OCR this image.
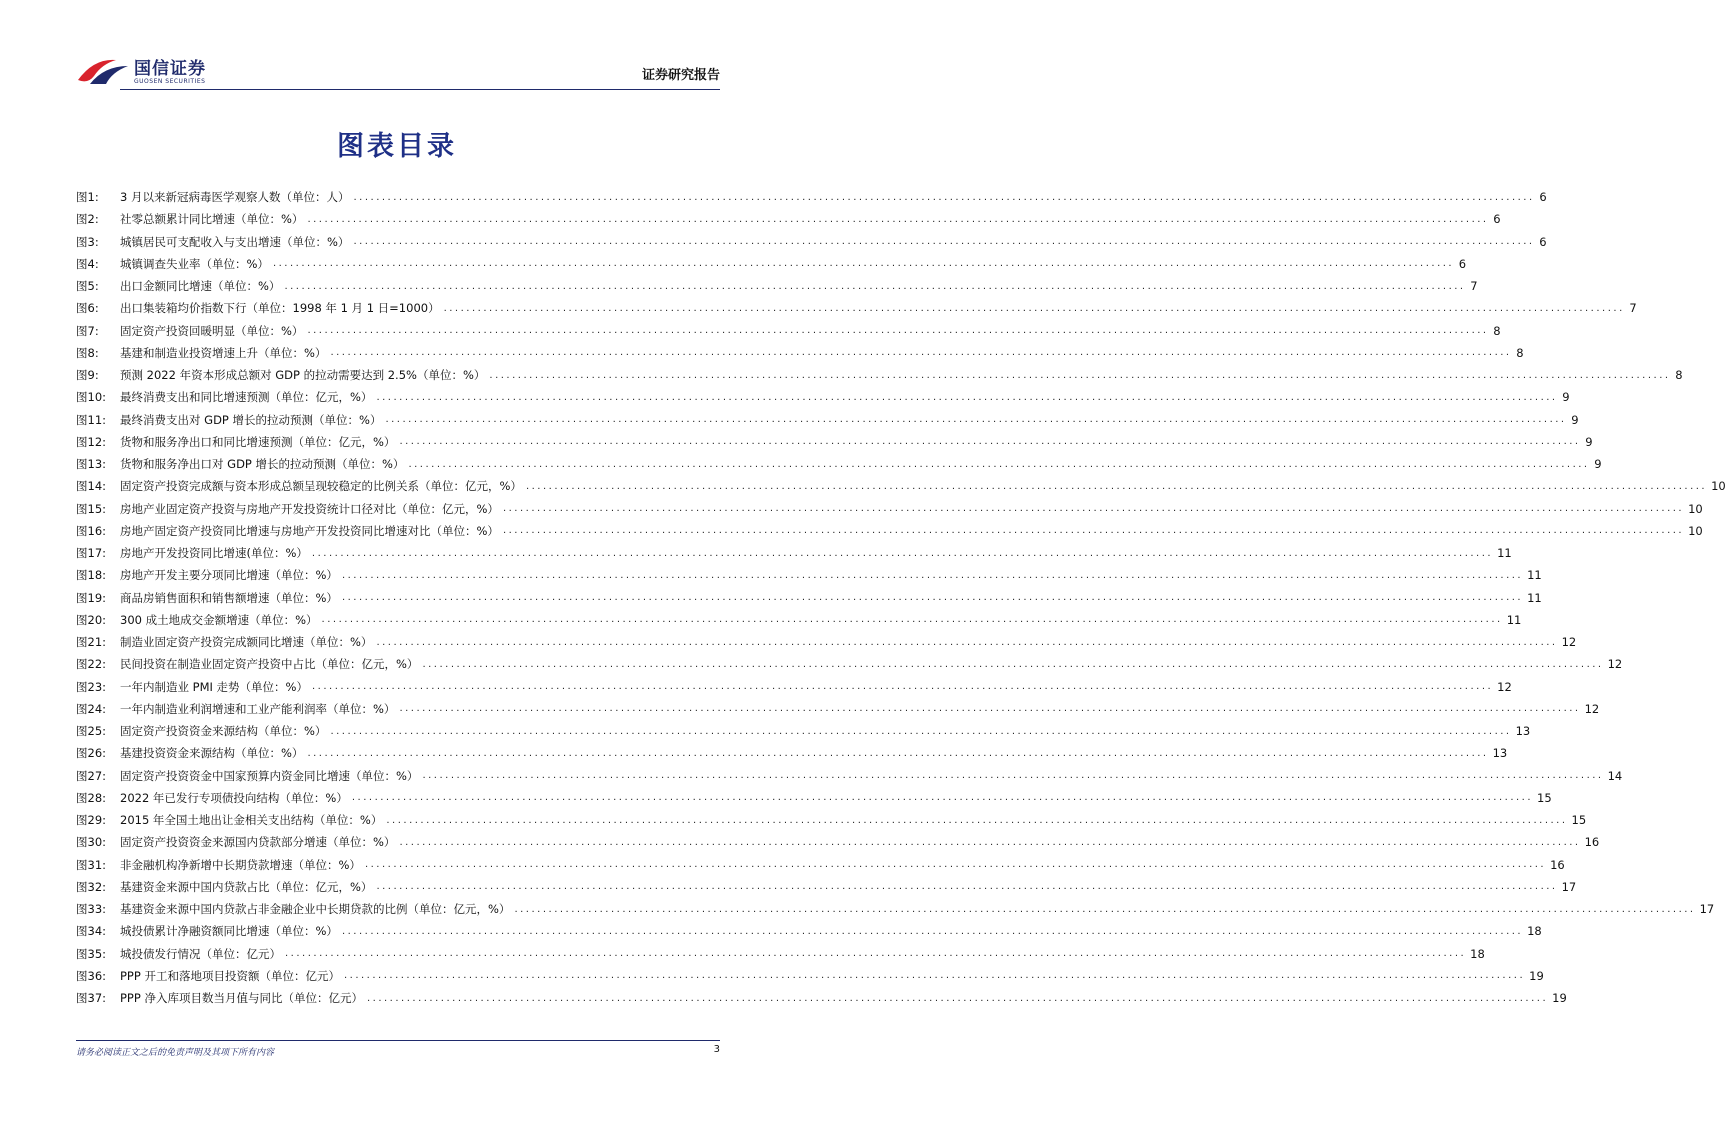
国信证券
GUOSEN SECURITIES	证券研究报告
图表目录
图1:	3 月以来新冠病毒医学观察人数（单位：人） .....	6
图2:	社零总额累计同比增速（单位：%） .....	6
图3:	城镇居民可支配收入与支出增速（单位：%） .....	6
图4:	城镇调查失业率（单位：%） .....	6
图5:	出口金额同比增速（单位：%） .....	7
图6:	出口集装箱均价指数下行（单位：1998 年 1 月 1 日=1000） .....	7
图7:	固定资产投资回暖明显（单位：%） .....	8
图8:	基建和制造业投资增速上升（单位：%） .....	8
图9:	预测 2022 年资本形成总额对 GDP 的拉动需要达到 2.5%（单位：%） .....	8
图10:	最终消费支出和同比增速预测（单位：亿元，%） .....	9
图11:	最终消费支出对 GDP 增长的拉动预测（单位：%） .....	9
图12:	货物和服务净出口和同比增速预测（单位：亿元，%） .....	9
图13:	货物和服务净出口对 GDP 增长的拉动预测（单位：%） .....	9
图14:	固定资产投资完成额与资本形成总额呈现较稳定的比例关系（单位：亿元，%） .....	10
图15:	房地产业固定资产投资与房地产开发投资统计口径对比（单位：亿元，%） .....	10
图16:	房地产固定资产投资同比增速与房地产开发投资同比增速对比（单位：%） .....	10
图17:	房地产开发投资同比增速(单位：%） .....	11
图18:	房地产开发主要分项同比增速（单位：%） .....	11
图19:	商品房销售面积和销售额增速（单位：%） .....	11
图20:	300 成土地成交金额增速（单位：%） .....	11
图21:	制造业固定资产投资完成额同比增速（单位：%） .....	12
图22:	民间投资在制造业固定资产投资中占比（单位：亿元，%） .....	12
图23:	一年内制造业 PMI 走势（单位：%） .....	12
图24:	一年内制造业利润增速和工业产能利润率（单位：%） .....	12
图25:	固定资产投资资金来源结构（单位：%） .....	13
图26:	基建投资资金来源结构（单位：%） .....	13
图27:	固定资产投资资金中国家预算内资金同比增速（单位：%） .....	14
图28:	2022 年已发行专项债投向结构（单位：%） .....	15
图29:	2015 年全国土地出让金相关支出结构（单位：%） .....	15
图30:	固定资产投资资金来源国内贷款部分增速（单位：%） .....	16
图31:	非金融机构净新增中长期贷款增速（单位：%） .....	16
图32:	基建资金来源中国内贷款占比（单位：亿元，%） .....	17
图33:	基建资金来源中国内贷款占非金融企业中长期贷款的比例（单位：亿元，%） .....	17
图34:	城投债累计净融资额同比增速（单位：%） .....	18
图35:	城投债发行情况（单位：亿元） .....	18
图36:	PPP 开工和落地项目投资额（单位：亿元） .....	19
图37:	PPP 净入库项目数当月值与同比（单位：亿元） .....	19
请务必阅读正文之后的免责声明及其项下所有内容	3
